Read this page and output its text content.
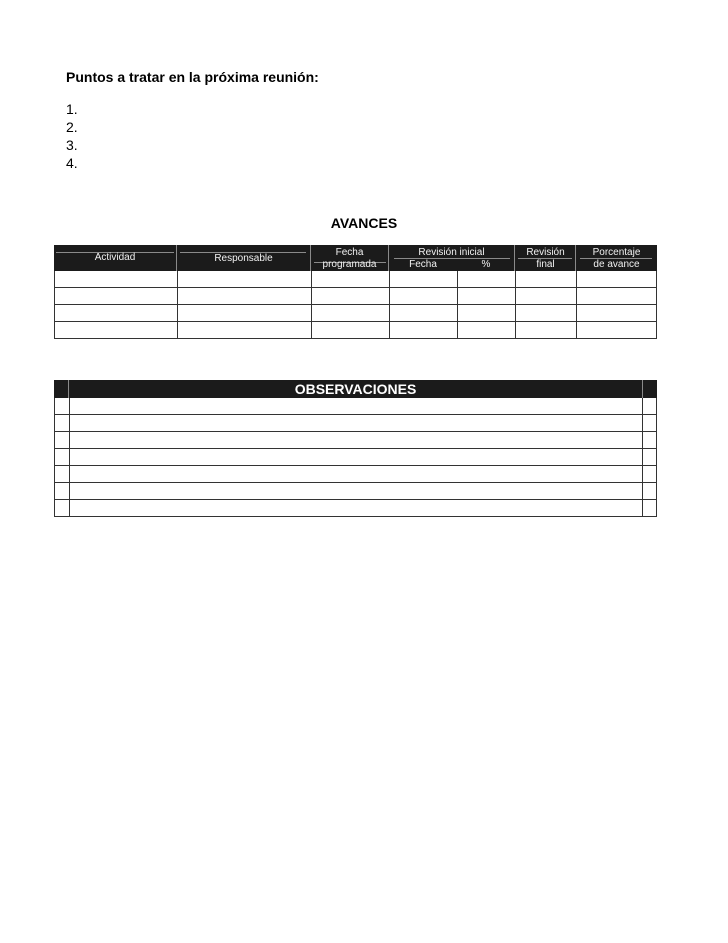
Puntos a tratar en la próxima reunión:
1.
2.
3.
4.
AVANCES
Actividad	Responsable
Fecha
programada
Revisión inicial
Fecha	%
Revisión
final
Porcentaje
de avance
OBSERVACIONES
